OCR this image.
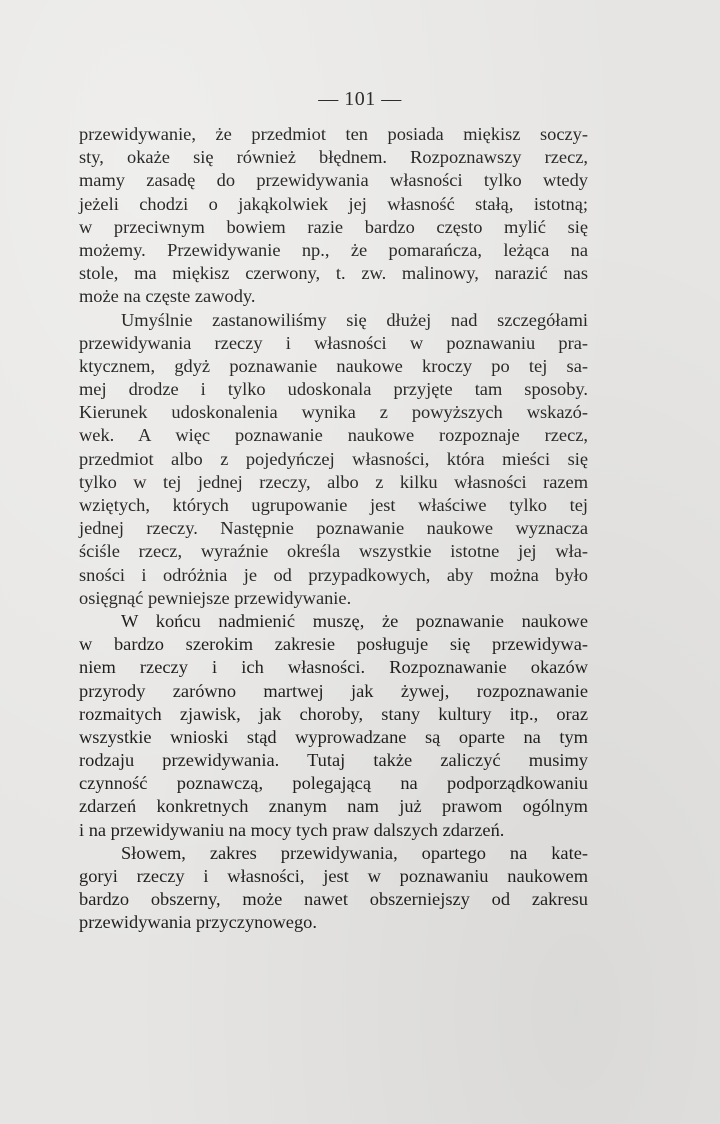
— 101 —

przewidywanie, że przedmiot ten posiada miękisz soczy-
sty, okaże się również błędnem. Rozpoznawszy rzecz,
mamy zasadę do przewidywania własności tylko wtedy
jeżeli chodzi o jakąkolwiek jej własność stałą, istotną;
w przeciwnym bowiem razie bardzo często mylić się
możemy. Przewidywanie np., że pomarańcza, leżąca na
stole, ma miękisz czerwony, t. zw. malinowy, narazić nas
może na częste zawody.

Umyślnie zastanowiliśmy się dłużej nad szczegółami
przewidywania rzeczy i własności w poznawaniu pra-
ktycznem, gdyż poznawanie naukowe kroczy po tej sa-
mej drodze i tylko udoskonala przyjęte tam sposoby.
Kierunek udoskonalenia wynika z powyższych wskazó-
wek. A więc poznawanie naukowe rozpoznaje rzecz,
przedmiot albo z pojedyńczej własności, która mieści się
tylko w tej jednej rzeczy, albo z kilku własności razem
wziętych, których ugrupowanie jest właściwe tylko tej
jednej rzeczy. Następnie poznawanie naukowe wyznacza
ściśle rzecz, wyraźnie określa wszystkie istotne jej wła-
sności i odróżnia je od przypadkowych, aby można było
osięgnąć pewniejsze przewidywanie.

W końcu nadmienić muszę, że poznawanie naukowe
w bardzo szerokim zakresie posługuje się przewidywa-
niem rzeczy i ich własności. Rozpoznawanie okazów
przyrody zarówno martwej jak żywej, rozpoznawanie
rozmaitych zjawisk, jak choroby, stany kultury itp., oraz
wszystkie wnioski stąd wyprowadzane są oparte na tym
rodzaju przewidywania. Tutaj także zaliczyć musimy
czynność poznawczą, polegającą na podporządkowaniu
zdarzeń konkretnych znanym nam już prawom ogólnym
i na przewidywaniu na mocy tych praw dalszych zdarzeń.

Słowem, zakres przewidywania, opartego na kate-
goryi rzeczy i własności, jest w poznawaniu naukowem
bardzo obszerny, może nawet obszerniejszy od zakresu
przewidywania przyczynowego.
